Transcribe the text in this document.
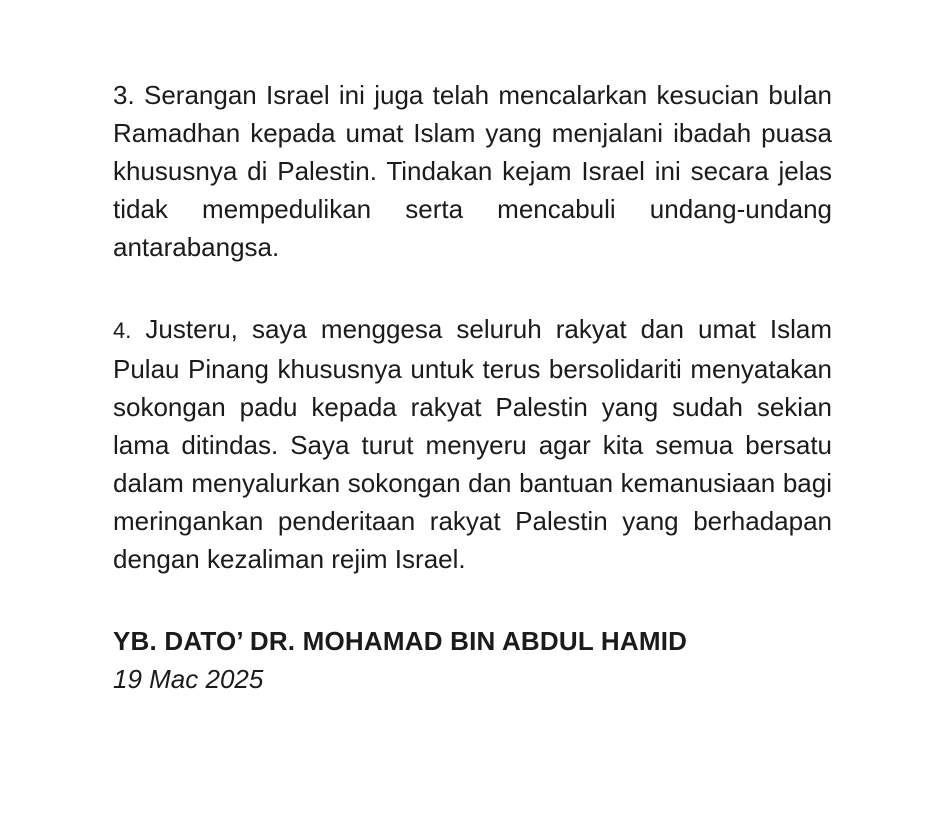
3. Serangan Israel ini juga telah mencalarkan kesucian bulan Ramadhan kepada umat Islam yang menjalani ibadah puasa khususnya di Palestin. Tindakan kejam Israel ini secara jelas tidak mempedulikan serta mencabuli undang-undang antarabangsa.

4. Justeru, saya menggesa seluruh rakyat dan umat Islam Pulau Pinang khususnya untuk terus bersolidariti menyatakan sokongan padu kepada rakyat Palestin yang sudah sekian lama ditindas. Saya turut menyeru agar kita semua bersatu dalam menyalurkan sokongan dan bantuan kemanusiaan bagi meringankan penderitaan rakyat Palestin yang berhadapan dengan kezaliman rejim Israel.

YB. DATO’ DR. MOHAMAD BIN ABDUL HAMID
19 Mac 2025
